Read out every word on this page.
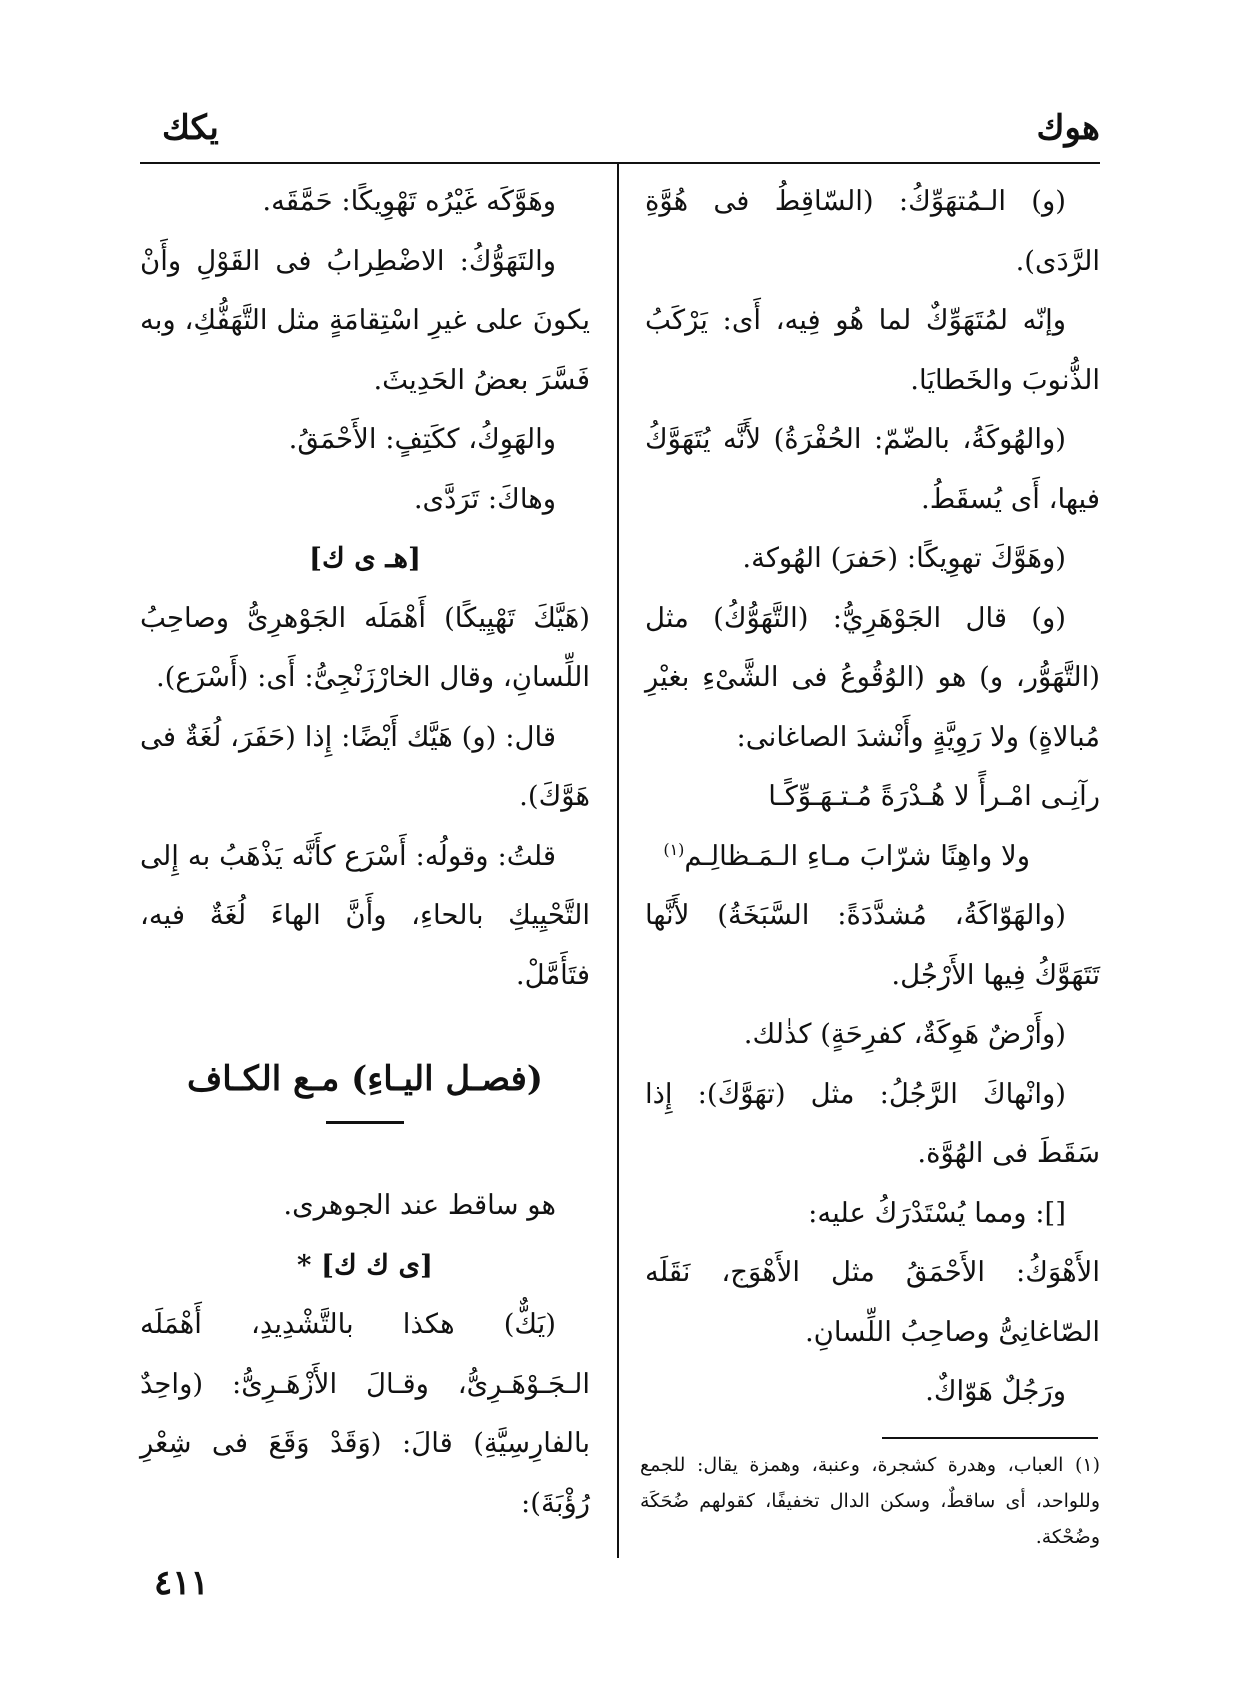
هوك
يكك

(و) الـمُتهَوِّكُ: (السّاقِطُ فى هُوَّةِ الرَّدَى).

وإنّه لمُتَهَوِّكٌ لما هُو فِيه، أَى: يَرْكَبُ الذُّنوبَ والخَطايَا.

(والهُوكَةُ، بالضّمّ: الحُفْرَةُ) لأَنَّه يُتَهَوَّكُ فيها، أَى يُسقَطُ.

(وهَوَّكَ تهوِيكًا: (حَفرَ) الهُوكة.

(و) قال الجَوْهَرِيُّ: (التَّهَوُّكُ) مثل (التَّهَوُّر، و) هو (الوُقُوعُ فى الشَّىْءِ بغيْرِ مُبالاةٍ) ولا رَوِيَّةٍ وأَنْشدَ الصاغانى:

رآنِـى امْـرأً لا هُـدْرَةً مُـتـهَـوِّكًـا

ولا واهِنًا شرّابَ مـاءِ الـمَـظالِـم$^{(١)}$

(والهَوّاكَةُ، مُشدَّدَةً: السَّبَخَةُ) لأَنَّها تَتَهَوَّكُ فِيها الأَرْجُل.

(وأَرْضٌ هَوِكَةٌ، كفرِحَةٍ) كذٰلك.

(وانْهاكَ الرَّجُلُ: مثل (تهَوَّكَ): إِذا سَقَطَ فى الهُوَّة.

[]: ومما يُسْتَدْرَكُ عليه:

الأَهْوَكُ: الأَحْمَقُ مثل الأَهْوَج، نَقَلَه الصّاغانِىُّ وصاحِبُ اللِّسانِ.

ورَجُلٌ هَوّاكٌ.

(١) العباب، وهدرة كشجرة، وعنبة، وهمزة يقال: للجمع وللواحد، أى ساقطٌ، وسكن الدال تخفيفًا، كقولهم ضُحَكَة وضُحْكة.

وهَوَّكَه غَيْرُه تَهْوِيكًا: حَمَّقَه.

والتَهَوُّكُ: الاضْطِرابُ فى القَوْلِ وأَنْ يكونَ على غيرِ اسْتِقامَةٍ مثل التَّهَفُّكِ، وبه فَسَّرَ بعضُ الحَدِيثَ.

والهَوِكُ، ككَتِفٍ: الأَحْمَقُ.

وهاكَ: تَرَدَّى.

[هـ ى ك]

(هَيَّكَ تَهْيِيكًا) أَهْمَلَه الجَوْهرِىُّ وصاحِبُ اللِّسانِ، وقال الخارْزَنْجِىُّ: أَى: (أَسْرَع).

قال: (و) هَيَّك أَيْضًا: إِذا (حَفَرَ، لُغَةٌ فى هَوَّكَ).

قلتُ: وقولُه: أَسْرَع كأَنَّه يَذْهَبُ به إِلى التَّحْيِيكِ بالحاءِ، وأَنَّ الهاءَ لُغَةٌ فيه، فتَأَمَّلْ.

(فصـل اليـاءِ) مـع الكـاف

هو ساقط عند الجوهرى.

[ى ك ك] *

(يَكٌّ) هكذا بالتَّشْدِيدِ، أَهْمَلَه الـجَـوْهَـرِىُّ، وقـالَ الأَزْهَـرِىُّ: (واحِدٌ بالفارِسِيَّةِ) قالَ: (وَقَدْ وَقَعَ فى شِعْرِ رُؤْبَةَ):

٤١١
